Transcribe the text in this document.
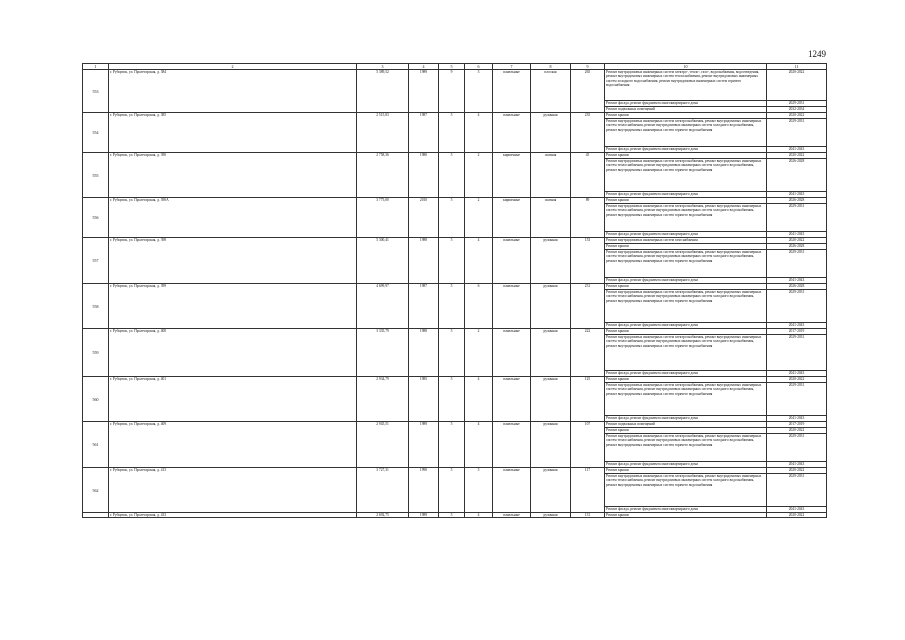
1249
1	2	3	4	5	6	7	8	9	10	11
553	г. Рубцовск, ул. Пролетарская, д. 384	5 389,52	1989	9	3	панельные	плоская	265	Ремонт внутридомовых инженерных систем электро-, тепло-, газо-, водоснабжения, водоотведения, ремонт внутридомовых инженерных систем теплоснабжения, ремонт внутридомовых инженерных систем холодного водоснабжения, ремонт внутридомовых инженерных систем горячего водоснабжения	2020-2022
									Ремонт фасада, ремонт фундамента многоквартирного дома	2029-2031
									Ремонт подвальных помещений	2032-2034
554	г. Рубцовск, ул. Пролетарская, д. 385	2 515,83	1987	5	4	панельные	рулонная	235	Ремонт крыши	2020-2022
									Ремонт внутридомовых инженерных систем электроснабжения, ремонт внутридомовых инженерных систем теплоснабжения, ремонт внутридомовых инженерных систем холодного водоснабжения, ремонт внутридомовых инженерных систем горячего водоснабжения	2029-2031
									Ремонт фасада, ремонт фундамента многоквартирного дома	2041-2043
555	г. Рубцовск, ул. Пролетарская, д. 390	2 758,36	1980	5	2	кирпичные	скатная	45	Ремонт крыши	2020-2022
									Ремонт внутридомовых инженерных систем электроснабжения, ремонт внутридомовых инженерных систем теплоснабжения, ремонт внутридомовых инженерных систем холодного водоснабжения, ремонт внутридомовых инженерных систем горячего водоснабжения	2026-2028
									Ремонт фасада, ремонт фундамента многоквартирного дома	2041-2043
556	г. Рубцовск, ул. Пролетарская, д. 390А	3 775,00	2010	5	2	кирпичные	скатная	89	Ремонт крыши	2026-2028
									Ремонт внутридомовых инженерных систем электроснабжения, ремонт внутридомовых инженерных систем теплоснабжения, ремонт внутридомовых инженерных систем холодного водоснабжения, ремонт внутридомовых инженерных систем горячего водоснабжения	2029-2031
									Ремонт фасада, ремонт фундамента многоквартирного дома	2041-2043
557	г. Рубцовск, ул. Пролетарская, д. 398	5 300,41	1988	5	4	панельные	рулонная	153	Ремонт внутридомовых инженерных систем газоснабжения	2020-2022
									Ремонт крыши	2026-2028
									Ремонт внутридомовых инженерных систем электроснабжения, ремонт внутридомовых инженерных систем теплоснабжения, ремонт внутридомовых инженерных систем холодного водоснабжения, ремонт внутридомовых инженерных систем горячего водоснабжения	2029-2031
									Ремонт фасада, ремонт фундамента многоквартирного дома	2041-2043
558	г. Рубцовск, ул. Пролетарская, д. 399	4 699,97	1987	5	6	панельные	рулонная	231	Ремонт крыши	2026-2028
									Ремонт внутридомовых инженерных систем электроснабжения, ремонт внутридомовых инженерных систем теплоснабжения, ремонт внутридомовых инженерных систем холодного водоснабжения, ремонт внутридомовых инженерных систем горячего водоснабжения	2029-2031
									Ремонт фасада, ремонт фундамента многоквартирного дома	2041-2043
559	г. Рубцовск, ул. Пролетарская, д. 400	3 335,79	1988	5	2	панельные	рулонная	222	Ремонт крыши	2017-2019
									Ремонт внутридомовых инженерных систем электроснабжения, ремонт внутридомовых инженерных систем теплоснабжения, ремонт внутридомовых инженерных систем холодного водоснабжения, ремонт внутридомовых инженерных систем горячего водоснабжения	2029-2031
									Ремонт фасада, ремонт фундамента многоквартирного дома	2041-2043
560	г. Рубцовск, ул. Пролетарская, д. 401	2 934,79	1985	5	4	панельные	рулонная	125	Ремонт крыши	2020-2022
									Ремонт внутридомовых инженерных систем электроснабжения, ремонт внутридомовых инженерных систем теплоснабжения, ремонт внутридомовых инженерных систем холодного водоснабжения, ремонт внутридомовых инженерных систем горячего водоснабжения	2029-2031
									Ремонт фасада, ремонт фундамента многоквартирного дома	2041-2043
561	г. Рубцовск, ул. Пролетарская, д. 409	2 945,51	1989	5	4	панельные	рулонная	107	Ремонт подвальных помещений	2017-2019
									Ремонт крыши	2020-2022
									Ремонт внутридомовых инженерных систем электроснабжения, ремонт внутридомовых инженерных систем теплоснабжения, ремонт внутридомовых инженерных систем холодного водоснабжения, ремонт внутридомовых инженерных систем горячего водоснабжения	2029-2031
									Ремонт фасада, ремонт фундамента многоквартирного дома	2041-2043
562	г. Рубцовск, ул. Пролетарская, д. 413	3 727,31	1990	5	5	панельные	рулонная	117	Ремонт крыши	2020-2022
									Ремонт внутридомовых инженерных систем электроснабжения, ремонт внутридомовых инженерных систем теплоснабжения, ремонт внутридомовых инженерных систем холодного водоснабжения, ремонт внутридомовых инженерных систем горячего водоснабжения	2029-2031
									Ремонт фасада, ремонт фундамента многоквартирного дома	2041-2043
	г. Рубцовск, ул. Пролетарская, д. 433	2 692,75	1989	5	4	панельные	рулонная	131	Ремонт крыши	2020-2022
